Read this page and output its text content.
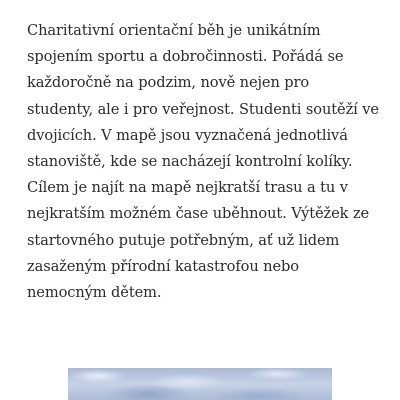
Charitativní orientační běh je unikátním
spojením sportu a dobročinnosti. Pořádá se
každoročně na podzim, nově nejen pro
studenty, ale i pro veřejnost. Studenti soutěží ve
dvojicích. V mapě jsou vyznačená jednotlivá
stanoviště, kde se nacházejí kontrolní kolíky.
Cílem je najít na mapě nejkratší trasu a tu v
nejkratším možném čase uběhnout. Výtěžek ze
startovného putuje potřebným, ať už lidem
zasaženým přírodní katastrofou nebo
nemocným dětem.
